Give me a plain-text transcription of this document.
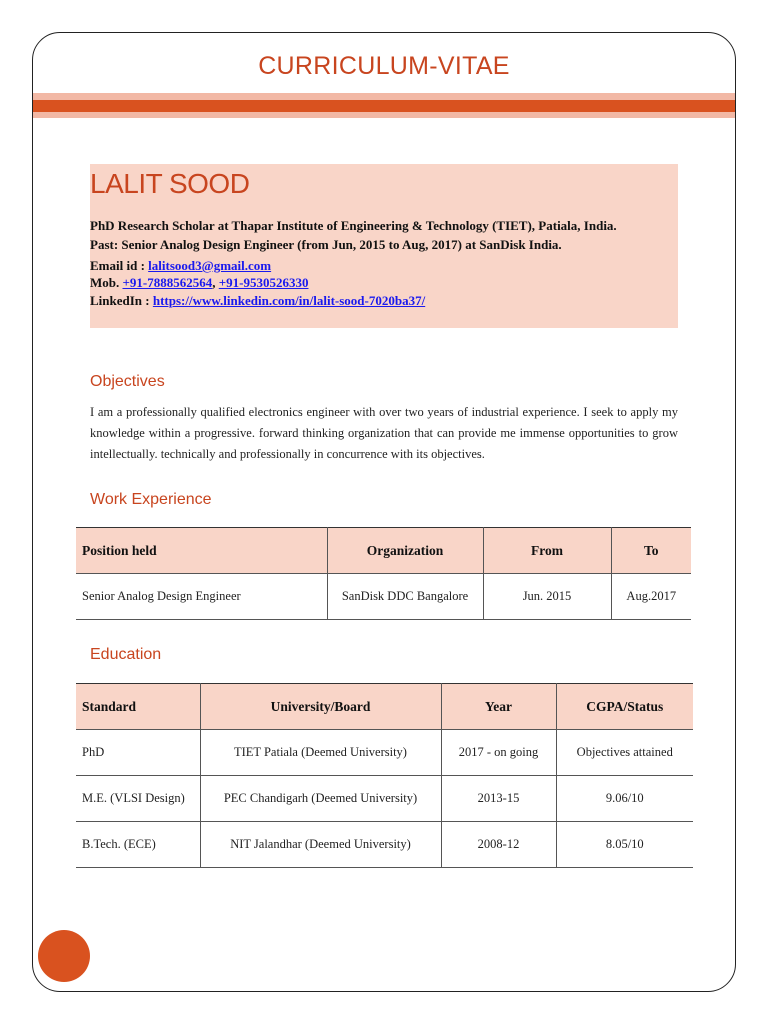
CURRICULUM-VITAE
LALIT SOOD
PhD Research Scholar at Thapar Institute of Engineering & Technology (TIET), Patiala, India.
Past: Senior Analog Design Engineer (from Jun, 2015 to Aug, 2017) at SanDisk India.
Email id : lalitsood3@gmail.com
Mob. +91-7888562564, +91-9530526330
LinkedIn : https://www.linkedin.com/in/lalit-sood-7020ba37/
Objectives
I am a professionally qualified electronics engineer with over two years of industrial experience. I seek to apply my knowledge within a progressive. forward thinking organization that can provide me immense opportunities to grow intellectually. technically and professionally in concurrence with its objectives.
Work Experience
Position held	Organization	From	To
Senior Analog Design Engineer	SanDisk DDC Bangalore	Jun. 2015	Aug.2017
Education
Standard	University/Board	Year	CGPA/Status
PhD	TIET Patiala (Deemed University)	2017 - on going	Objectives attained
M.E. (VLSI Design)	PEC Chandigarh (Deemed University)	2013-15	9.06/10
B.Tech. (ECE)	NIT Jalandhar (Deemed University)	2008-12	8.05/10
